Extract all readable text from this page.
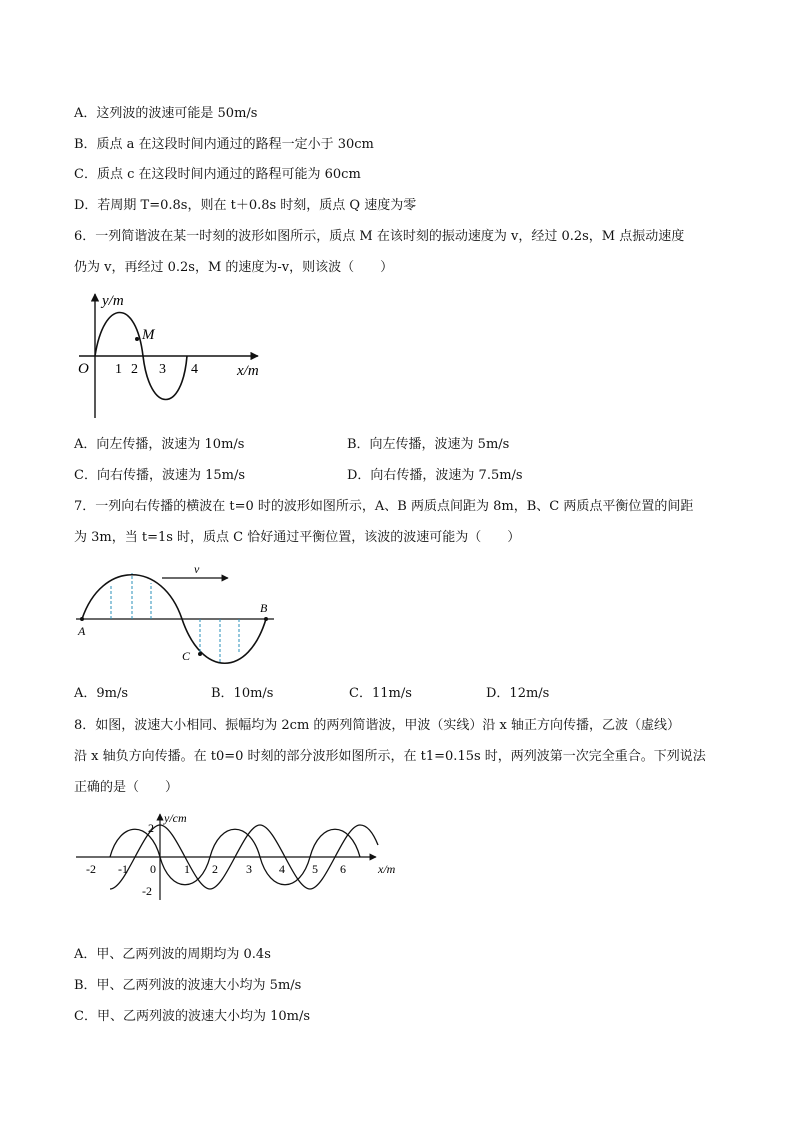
A．这列波的波速可能是 50m/s
B．质点 a 在这段时间内通过的路程一定小于 30cm
C．质点 c 在这段时间内通过的路程可能为 60cm
D．若周期 T=0.8s，则在 t＋0.8s 时刻，质点 Q 速度为零
6．一列简谐波在某一时刻的波形如图所示，质点 M 在该时刻的振动速度为 v，经过 0.2s，M 点振动速度
仍为 v，再经过 0.2s，M 的速度为-v，则该波（　　）
y/m
x/m
O
M
1 2 3 4
A．向左传播，波速为 10m/s	B．向左传播，波速为 5m/s
C．向右传播，波速为 15m/s	D．向右传播，波速为 7.5m/s
7．一列向右传播的横波在 t=0 时的波形如图所示，A、B 两质点间距为 8m，B、C 两质点平衡位置的间距
为 3m，当 t=1s 时，质点 C 恰好通过平衡位置，该波的波速可能为（　　）
v
A
B
C
A．9m/s	B．10m/s	C．11m/s	D．12m/s
8．如图，波速大小相同、振幅均为 2cm 的两列简谐波，甲波（实线）沿 x 轴正方向传播，乙波（虚线）
沿 x 轴负方向传播。在 t0=0 时刻的部分波形如图所示，在 t1=0.15s 时，两列波第一次完全重合。下列说法
正确的是（　　）
y/cm
x/m
2
-2
-2 -1 0 1 2 3 4 5 6
A．甲、乙两列波的周期均为 0.4s
B．甲、乙两列波的波速大小均为 5m/s
C．甲、乙两列波的波速大小均为 10m/s
